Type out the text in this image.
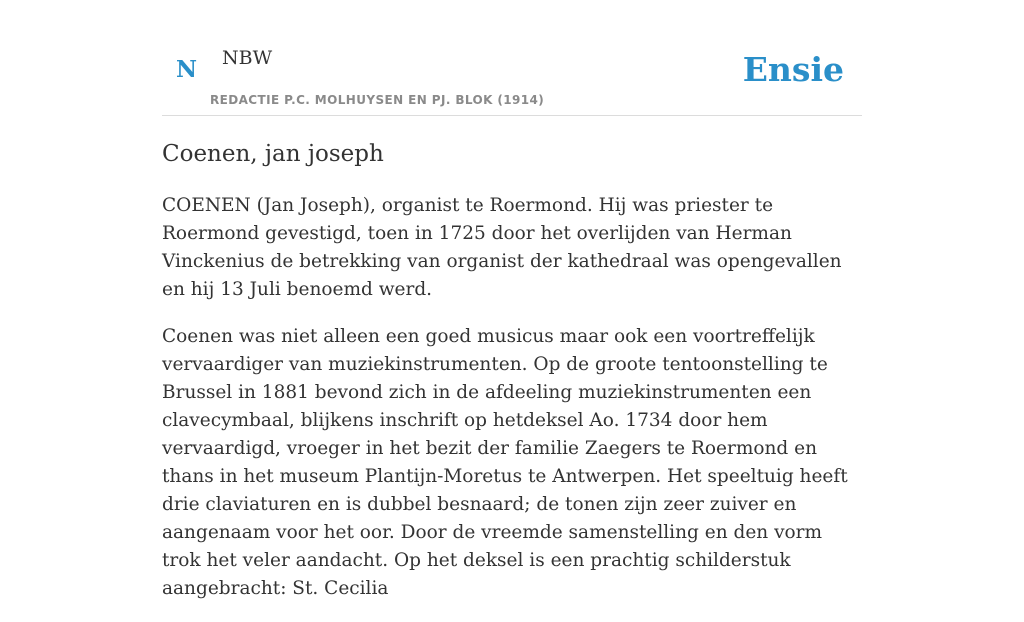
N NBW
REDACTIE P.C. MOLHUYSEN EN PJ. BLOK (1914)
Ensie
Coenen, jan joseph

COENEN (Jan Joseph), organist te Roermond. Hij was priester te Roermond gevestigd, toen in 1725 door het overlijden van Herman Vinckenius de betrekking van organist der kathedraal was opengevallen en hij 13 Juli benoemd werd.

Coenen was niet alleen een goed musicus maar ook een voortreffelijk vervaardiger van muziekinstrumenten. Op de groote tentoonstelling te Brussel in 1881 bevond zich in de afdeeling muziekinstrumenten een clavecymbaal, blijkens inschrift op hetdeksel Ao. 1734 door hem vervaardigd, vroeger in het bezit der familie Zaegers te Roermond en thans in het museum Plantijn-Moretus te Antwerpen. Het speeltuig heeft drie claviaturen en is dubbel besnaard; de tonen zijn zeer zuiver en aangenaam voor het oor. Door de vreemde samenstelling en den vorm trok het veler aandacht. Op het deksel is een prachtig schilderstuk aangebracht: St. Cecilia
